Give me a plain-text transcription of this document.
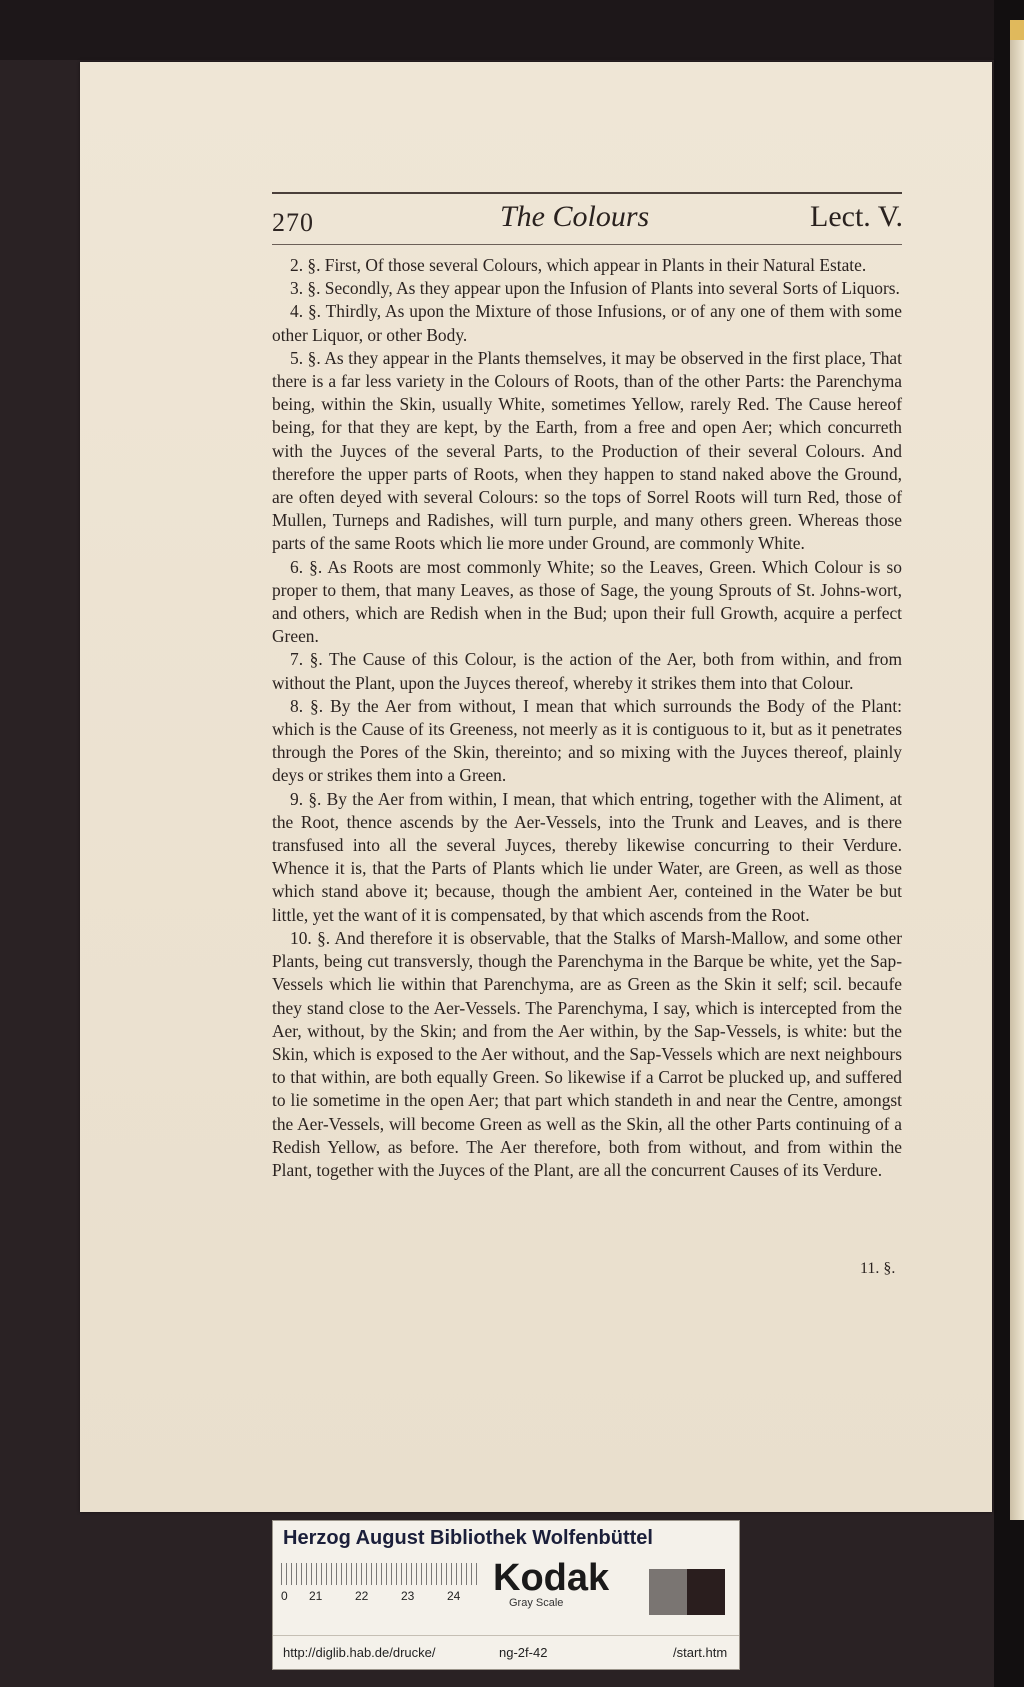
270	The Colours	Lect. V.

2. §. First, Of those several Colours, which appear in Plants in their Natural Estate.

3. §. Secondly, As they appear upon the Infusion of Plants into several Sorts of Liquors.

4. §. Thirdly, As upon the Mixture of those Infusions, or of any one of them with some other Liquor, or other Body.

5. §. As they appear in the Plants themselves, it may be observed in the first place, That there is a far less variety in the Colours of Roots, than of the other Parts: the Parenchyma being, within the Skin, usually White, sometimes Yellow, rarely Red. The Cause hereof being, for that they are kept, by the Earth, from a free and open Aer; which concurreth with the Juyces of the several Parts, to the Production of their several Colours. And therefore the upper parts of Roots, when they happen to stand naked above the Ground, are often deyed with several Colours: so the tops of Sorrel Roots will turn Red, those of Mullen, Turneps and Radishes, will turn purple, and many others green. Whereas those parts of the same Roots which lie more under Ground, are commonly White.

6. §. As Roots are most commonly White; so the Leaves, Green. Which Colour is so proper to them, that many Leaves, as those of Sage, the young Sprouts of St. Johns-wort, and others, which are Redish when in the Bud; upon their full Growth, acquire a perfect Green.

7. §. The Cause of this Colour, is the action of the Aer, both from within, and from without the Plant, upon the Juyces thereof, whereby it strikes them into that Colour.

8. §. By the Aer from without, I mean that which surrounds the Body of the Plant: which is the Cause of its Greeness, not meerly as it is contiguous to it, but as it penetrates through the Pores of the Skin, thereinto; and so mixing with the Juyces thereof, plainly deys or strikes them into a Green.

9. §. By the Aer from within, I mean, that which entring, together with the Aliment, at the Root, thence ascends by the Aer-Vessels, into the Trunk and Leaves, and is there transfused into all the several Juyces, thereby likewise concurring to their Verdure. Whence it is, that the Parts of Plants which lie under Water, are Green, as well as those which stand above it; because, though the ambient Aer, conteined in the Water be but little, yet the want of it is compensated, by that which ascends from the Root.

10. §. And therefore it is observable, that the Stalks of Marsh-Mallow, and some other Plants, being cut transversly, though the Parenchyma in the Barque be white, yet the Sap-Vessels which lie within that Parenchyma, are as Green as the Skin it self; scil. becaufe they stand close to the Aer-Vessels. The Parenchyma, I say, which is intercepted from the Aer, without, by the Skin; and from the Aer within, by the Sap-Vessels, is white: but the Skin, which is exposed to the Aer without, and the Sap-Vessels which are next neighbours to that within, are both equally Green. So likewise if a Carrot be plucked up, and suffered to lie sometime in the open Aer; that part which standeth in and near the Centre, amongst the Aer-Vessels, will become Green as well as the Skin, all the other Parts continuing of a Redish Yellow, as before. The Aer therefore, both from without, and from within the Plant, together with the Juyces of the Plant, are all the concurrent Causes of its Verdure.

11. §.
Herzog August Bibliothek Wolfenbüttel
0 21	22	23	24 Kodak
Gray Scale
http://diglib.hab.de/drucke/	ng-2f-42	/start.htm
